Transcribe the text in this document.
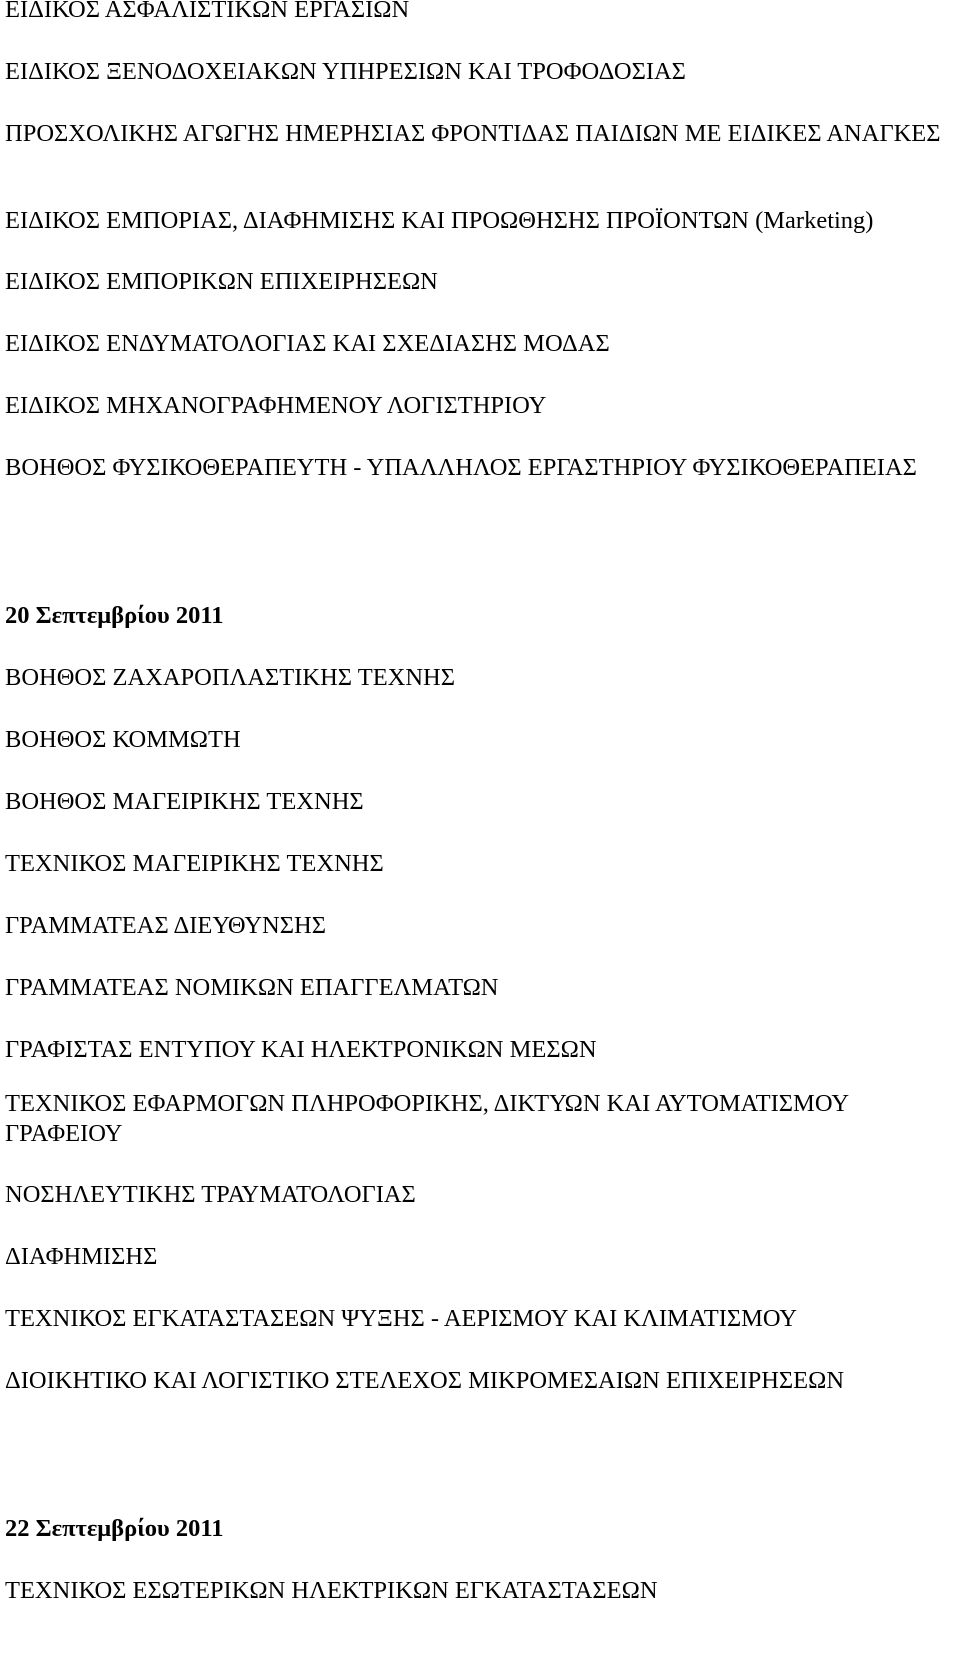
ΕΙΔΙΚΟΣ ΑΣΦΑΛΙΣΤΙΚΩΝ ΕΡΓΑΣΙΩΝ
ΕΙΔΙΚΟΣ ΞΕΝΟΔΟΧΕΙΑΚΩΝ ΥΠΗΡΕΣΙΩΝ ΚΑΙ ΤΡΟΦΟΔΟΣΙΑΣ
ΠΡΟΣΧΟΛΙΚΗΣ ΑΓΩΓΗΣ ΗΜΕΡΗΣΙΑΣ ΦΡΟΝΤΙΔΑΣ ΠΑΙΔΙΩΝ ΜΕ ΕΙΔΙΚΕΣ ΑΝΑΓΚΕΣ
ΕΙΔΙΚΟΣ ΕΜΠΟΡΙΑΣ, ΔΙΑΦΗΜΙΣΗΣ ΚΑΙ ΠΡΟΩΘΗΣΗΣ ΠΡΟΪΟΝΤΩΝ (Marketing)
ΕΙΔΙΚΟΣ ΕΜΠΟΡΙΚΩΝ ΕΠΙΧΕΙΡΗΣΕΩΝ
ΕΙΔΙΚΟΣ ΕΝΔΥΜΑΤΟΛΟΓΙΑΣ ΚΑΙ ΣΧΕΔΙΑΣΗΣ ΜΟΔΑΣ
ΕΙΔΙΚΟΣ ΜΗΧΑΝΟΓΡΑΦΗΜΕΝΟΥ ΛΟΓΙΣΤΗΡΙΟΥ
ΒΟΗΘΟΣ ΦΥΣΙΚΟΘΕΡΑΠΕΥΤΗ - ΥΠΑΛΛΗΛΟΣ ΕΡΓΑΣΤΗΡΙΟΥ ΦΥΣΙΚΟΘΕΡΑΠΕΙΑΣ
20 Σεπτεμβρίου 2011
ΒΟΗΘΟΣ ΖΑΧΑΡΟΠΛΑΣΤΙΚΗΣ ΤΕΧΝΗΣ
ΒΟΗΘΟΣ ΚΟΜΜΩΤΗ
ΒΟΗΘΟΣ ΜΑΓΕΙΡΙΚΗΣ ΤΕΧΝΗΣ
ΤΕΧΝΙΚΟΣ ΜΑΓΕΙΡΙΚΗΣ ΤΕΧΝΗΣ
ΓΡΑΜΜΑΤΕΑΣ ΔΙΕΥΘΥΝΣΗΣ
ΓΡΑΜΜΑΤΕΑΣ ΝΟΜΙΚΩΝ ΕΠΑΓΓΕΛΜΑΤΩΝ
ΓΡΑΦΙΣΤΑΣ ΕΝΤΥΠΟΥ ΚΑΙ ΗΛΕΚΤΡΟΝΙΚΩΝ ΜΕΣΩΝ
ΤΕΧΝΙΚΟΣ ΕΦΑΡΜΟΓΩΝ ΠΛΗΡΟΦΟΡΙΚΗΣ, ΔΙΚΤΥΩΝ ΚΑΙ ΑΥΤΟΜΑΤΙΣΜΟΥ ΓΡΑΦΕΙΟΥ
ΝΟΣΗΛΕΥΤΙΚΗΣ ΤΡΑΥΜΑΤΟΛΟΓΙΑΣ
ΔΙΑΦΗΜΙΣΗΣ
ΤΕΧΝΙΚΟΣ ΕΓΚΑΤΑΣΤΑΣΕΩΝ ΨΥΞΗΣ - ΑΕΡΙΣΜΟΥ ΚΑΙ ΚΛΙΜΑΤΙΣΜΟΥ
ΔΙΟΙΚΗΤΙΚΟ ΚΑΙ ΛΟΓΙΣΤΙΚΟ ΣΤΕΛΕΧΟΣ ΜΙΚΡΟΜΕΣΑΙΩΝ ΕΠΙΧΕΙΡΗΣΕΩΝ
22 Σεπτεμβρίου 2011
ΤΕΧΝΙΚΟΣ ΕΣΩΤΕΡΙΚΩΝ ΗΛΕΚΤΡΙΚΩΝ ΕΓΚΑΤΑΣΤΑΣΕΩΝ
